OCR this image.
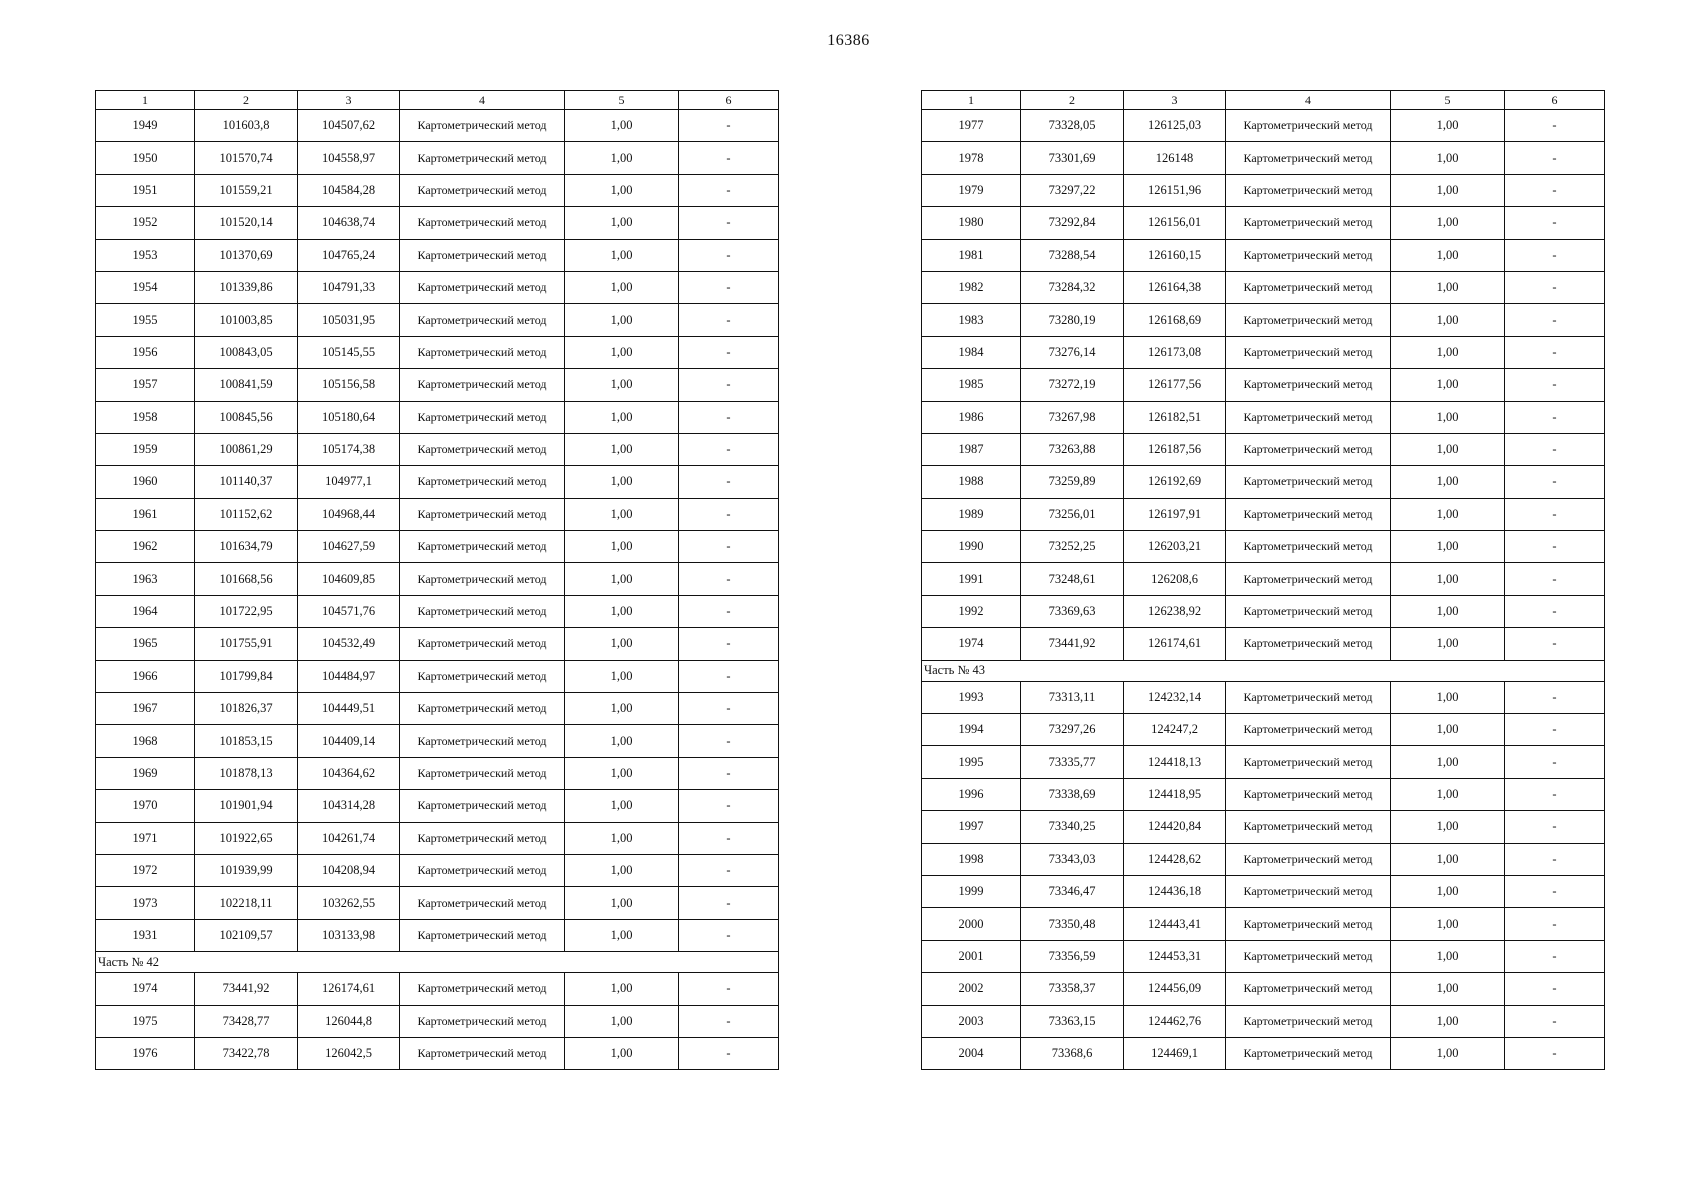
16386
1	2	3	4	5	6
1949	101603,8	104507,62	Картометрический метод	1,00	-
1950	101570,74	104558,97	Картометрический метод	1,00	-
1951	101559,21	104584,28	Картометрический метод	1,00	-
1952	101520,14	104638,74	Картометрический метод	1,00	-
1953	101370,69	104765,24	Картометрический метод	1,00	-
1954	101339,86	104791,33	Картометрический метод	1,00	-
1955	101003,85	105031,95	Картометрический метод	1,00	-
1956	100843,05	105145,55	Картометрический метод	1,00	-
1957	100841,59	105156,58	Картометрический метод	1,00	-
1958	100845,56	105180,64	Картометрический метод	1,00	-
1959	100861,29	105174,38	Картометрический метод	1,00	-
1960	101140,37	104977,1	Картометрический метод	1,00	-
1961	101152,62	104968,44	Картометрический метод	1,00	-
1962	101634,79	104627,59	Картометрический метод	1,00	-
1963	101668,56	104609,85	Картометрический метод	1,00	-
1964	101722,95	104571,76	Картометрический метод	1,00	-
1965	101755,91	104532,49	Картометрический метод	1,00	-
1966	101799,84	104484,97	Картометрический метод	1,00	-
1967	101826,37	104449,51	Картометрический метод	1,00	-
1968	101853,15	104409,14	Картометрический метод	1,00	-
1969	101878,13	104364,62	Картометрический метод	1,00	-
1970	101901,94	104314,28	Картометрический метод	1,00	-
1971	101922,65	104261,74	Картометрический метод	1,00	-
1972	101939,99	104208,94	Картометрический метод	1,00	-
1973	102218,11	103262,55	Картометрический метод	1,00	-
1931	102109,57	103133,98	Картометрический метод	1,00	-
Часть № 42					
1974	73441,92	126174,61	Картометрический метод	1,00	-
1975	73428,77	126044,8	Картометрический метод	1,00	-
1976	73422,78	126042,5	Картометрический метод	1,00	-
1	2	3	4	5	6
1977	73328,05	126125,03	Картометрический метод	1,00	-
1978	73301,69	126148	Картометрический метод	1,00	-
1979	73297,22	126151,96	Картометрический метод	1,00	-
1980	73292,84	126156,01	Картометрический метод	1,00	-
1981	73288,54	126160,15	Картометрический метод	1,00	-
1982	73284,32	126164,38	Картометрический метод	1,00	-
1983	73280,19	126168,69	Картометрический метод	1,00	-
1984	73276,14	126173,08	Картометрический метод	1,00	-
1985	73272,19	126177,56	Картометрический метод	1,00	-
1986	73267,98	126182,51	Картометрический метод	1,00	-
1987	73263,88	126187,56	Картометрический метод	1,00	-
1988	73259,89	126192,69	Картометрический метод	1,00	-
1989	73256,01	126197,91	Картометрический метод	1,00	-
1990	73252,25	126203,21	Картометрический метод	1,00	-
1991	73248,61	126208,6	Картометрический метод	1,00	-
1992	73369,63	126238,92	Картометрический метод	1,00	-
1974	73441,92	126174,61	Картометрический метод	1,00	-
Часть № 43					
1993	73313,11	124232,14	Картометрический метод	1,00	-
1994	73297,26	124247,2	Картометрический метод	1,00	-
1995	73335,77	124418,13	Картометрический метод	1,00	-
1996	73338,69	124418,95	Картометрический метод	1,00	-
1997	73340,25	124420,84	Картометрический метод	1,00	-
1998	73343,03	124428,62	Картометрический метод	1,00	-
1999	73346,47	124436,18	Картометрический метод	1,00	-
2000	73350,48	124443,41	Картометрический метод	1,00	-
2001	73356,59	124453,31	Картометрический метод	1,00	-
2002	73358,37	124456,09	Картометрический метод	1,00	-
2003	73363,15	124462,76	Картометрический метод	1,00	-
2004	73368,6	124469,1	Картометрический метод	1,00	-
